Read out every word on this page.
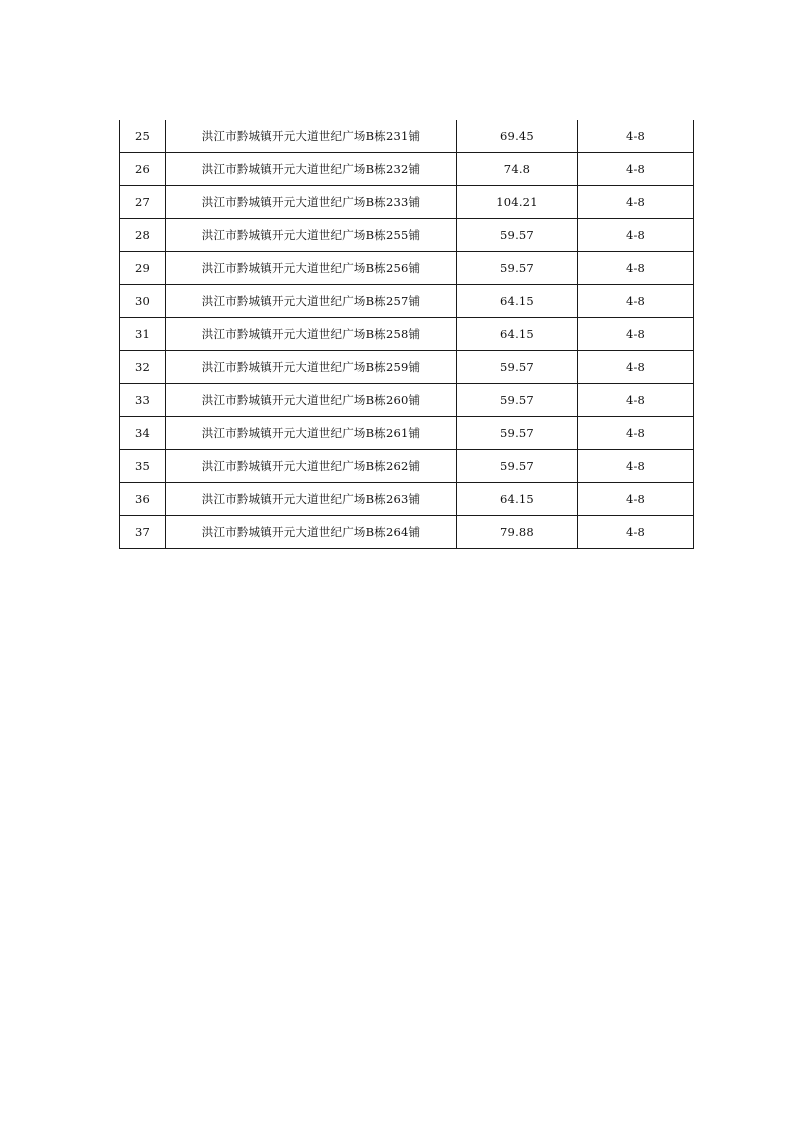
25	洪江市黔城镇开元大道世纪广场B栋231铺	69.45	4-8
26	洪江市黔城镇开元大道世纪广场B栋232铺	74.8	4-8
27	洪江市黔城镇开元大道世纪广场B栋233铺	104.21	4-8
28	洪江市黔城镇开元大道世纪广场B栋255铺	59.57	4-8
29	洪江市黔城镇开元大道世纪广场B栋256铺	59.57	4-8
30	洪江市黔城镇开元大道世纪广场B栋257铺	64.15	4-8
31	洪江市黔城镇开元大道世纪广场B栋258铺	64.15	4-8
32	洪江市黔城镇开元大道世纪广场B栋259铺	59.57	4-8
33	洪江市黔城镇开元大道世纪广场B栋260铺	59.57	4-8
34	洪江市黔城镇开元大道世纪广场B栋261铺	59.57	4-8
35	洪江市黔城镇开元大道世纪广场B栋262铺	59.57	4-8
36	洪江市黔城镇开元大道世纪广场B栋263铺	64.15	4-8
37	洪江市黔城镇开元大道世纪广场B栋264铺	79.88	4-8
